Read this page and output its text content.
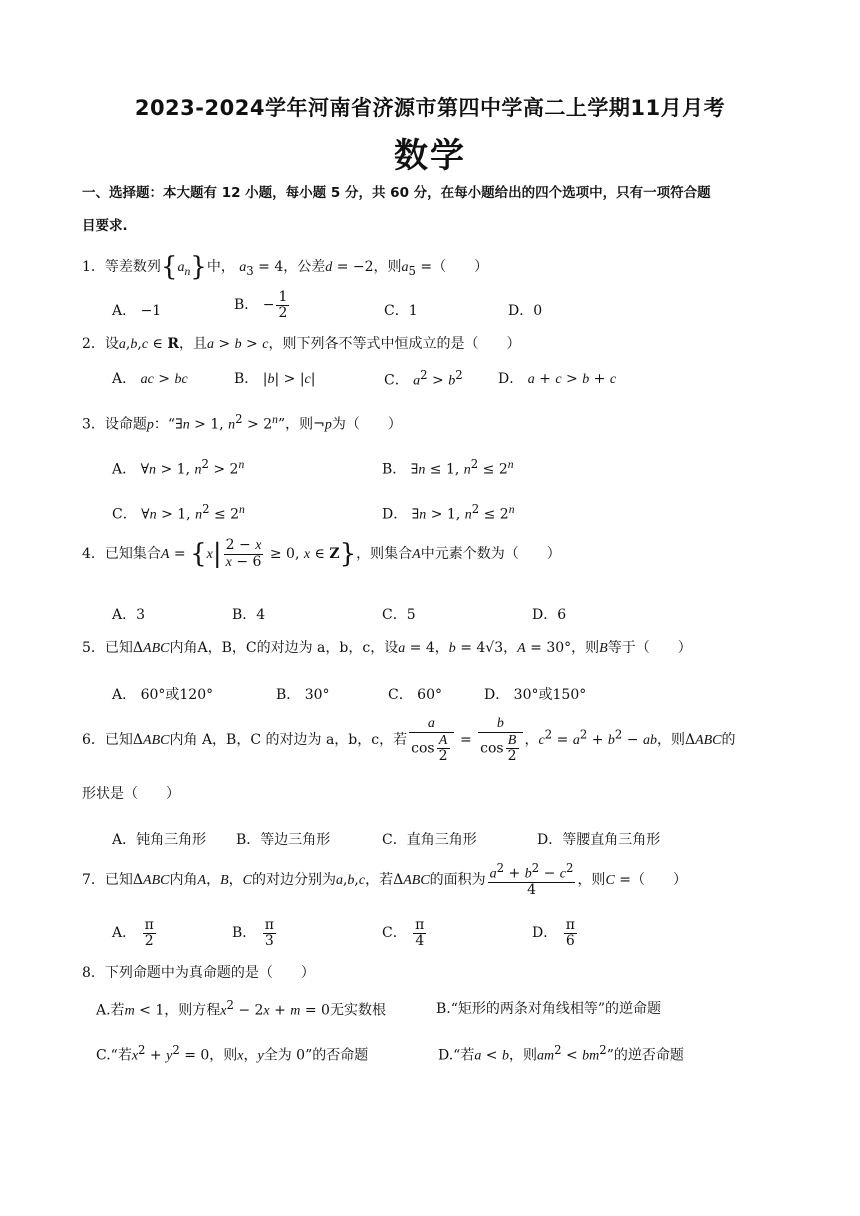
2023-2024学年河南省济源市第四中学高二上学期11月月考
数学
一、选择题：本大题有 12 小题，每小题 5 分，共 60 分，在每小题给出的四个选项中，只有一项符合题
目要求.
1．等差数列$\{a_n\}$中， $a_3 = 4$，公差d = −2，则$a_5$ =（　　）
A． −1	B． − $\frac{1}{2}$	C．1	D．0
2．设a,b,c ∈ R，且a > b > c，则下列各不等式中恒成立的是（　　）
A． ac > bc	B． |b| > |c|	C． $a^2 > b^2$	D． a + c > b + c
3．设命题p：“∃n > 1, $n^2 > 2^n$”，则¬p为（　　）
A． ∀n > 1, $n^2 > 2^n$	B． ∃n ≤ 1, $n^2 \le 2^n$
C． ∀n > 1, $n^2 \le 2^n$	D． ∃n > 1, $n^2 \le 2^n$
4．已知集合$A = \{x| \frac{2 - x}{x - 6} \ge 0$, x ∈ Z}，则集合A中元素个数为（　　）
A．3	B．4	C．5	D．6
5．已知ΔABC内角A，B，C的对边为 a，b，c，设a = 4，b = 4√3，A = 30°，则B等于（　　）
A． 60°或120°	B． 30°	C． 60°	D． 30°或150°
6．已知ΔABC内角 A，B，C 的对边为 a，b，c，若 $\frac{a}{\cos \frac{A}{2}} = \frac{b}{\cos \frac{B}{2}}$ ，$c^2 = a^2 + b^2$ − ab，则ΔABC的
形状是（　　）
A．钝角三角形 B．等边三角形	C．直角三角形	D．等腰直角三角形
7．已知ΔABC内角A，B，C的对边分别为a,b,c，若ΔABC的面积为 $\frac{a^2 + b^2 - c^2}{4}$ ，则C =（　　）
A． $\frac{\pi}{2}$	B． $\frac{\pi}{3}$	C． $\frac{\pi}{4}$	D． $\frac{\pi}{6}$
8．下列命题中为真命题的是（　　）
A.若m < 1，则方程$x^2 - 2x + m = 0$无实数根	B.“矩形的两条对角线相等”的逆命题
C.“若$x^2 + y^2 = 0$，则x，y全为 0”的否命题	D.“若a < b，则$am^2 < bm^2$”的逆否命题
